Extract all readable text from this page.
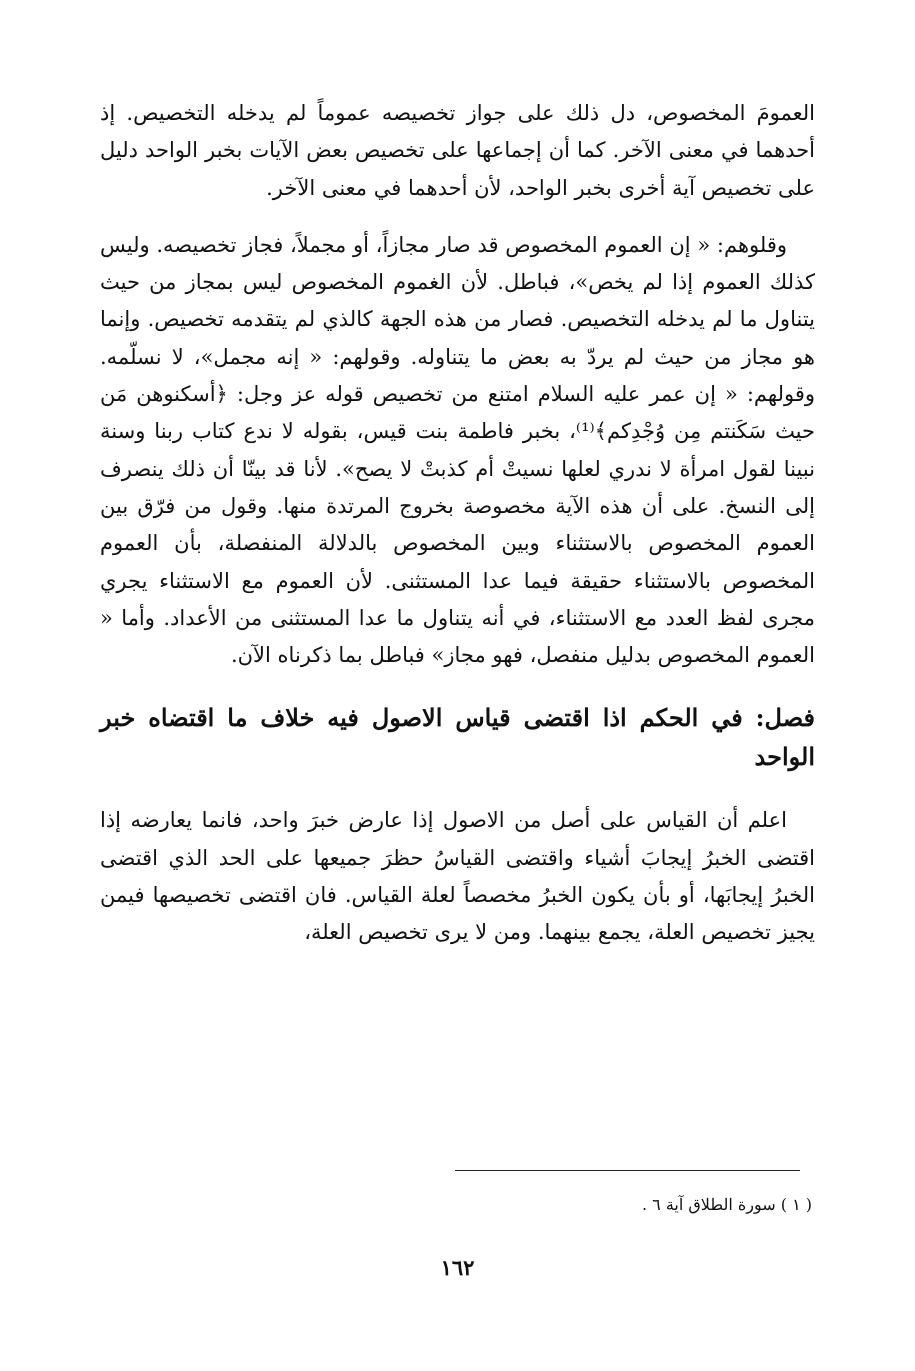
العمومَ المخصوص، دل ذلك على جواز تخصيصه عموماً لم يدخله التخصيص. إذ أحدهما في معنى الآخر. كما أن إجماعها على تخصيص بعض الآيات بخبر الواحد دليل على تخصيص آية أخرى بخبر الواحد، لأن أحدهما في معنى الآخر.

وقلوهم: « إن العموم المخصوص قد صار مجازاً، أو مجملاً، فجاز تخصيصه. وليس كذلك العموم إذا لم يخص»، فباطل. لأن الغموم المخصوص ليس بمجاز من حيث يتناول ما لم يدخله التخصيص. فصار من هذه الجهة كالذي لم يتقدمه تخصيص. وإنما هو مجاز من حيث لم يردّ به بعض ما يتناوله. وقولهم: « إنه مجمل»، لا نسلّمه. وقولهم: « إن عمر عليه السلام امتنع من تخصيص قوله عز وجل: ﴿أسكنوهن مَن حيث سَكَنتم مِن وُجْدِكم﴾⁽¹⁾، بخبر فاطمة بنت قيس، بقوله لا ندع كتاب ربنا وسنة نبينا لقول امرأة لا ندري لعلها نسيتْ أم كذبتْ لا يصح». لأنا قد بينّا أن ذلك ينصرف إلى النسخ. على أن هذه الآية مخصوصة بخروج المرتدة منها. وقول من فرّق بين العموم المخصوص بالاستثناء وبين المخصوص بالدلالة المنفصلة، بأن العموم المخصوص بالاستثناء حقيقة فيما عدا المستثنى. لأن العموم مع الاستثناء يجري مجرى لفظ العدد مع الاستثناء، في أنه يتناول ما عدا المستثنى من الأعداد. وأما « العموم المخصوص بدليل منفصل، فهو مجاز» فباطل بما ذكرناه الآن.

فصل: في الحكم اذا اقتضى قياس الاصول فيه خلاف ما اقتضاه خبر الواحد

اعلم أن القياس على أصل من الاصول إذا عارض خبرَ واحد، فانما يعارضه إذا اقتضى الخبرُ إيجابَ أشياء واقتضى القياسُ حظرَ جميعها على الحد الذي اقتضى الخبرُ إيجابَها، أو بأن يكون الخبرُ مخصصاً لعلة القياس. فان اقتضى تخصيصها فيمن يجيز تخصيص العلة، يجمع بينهما. ومن لا يرى تخصيص العلة،

( ١ ) سورة الطلاق آية ٦ .
١٦٢
